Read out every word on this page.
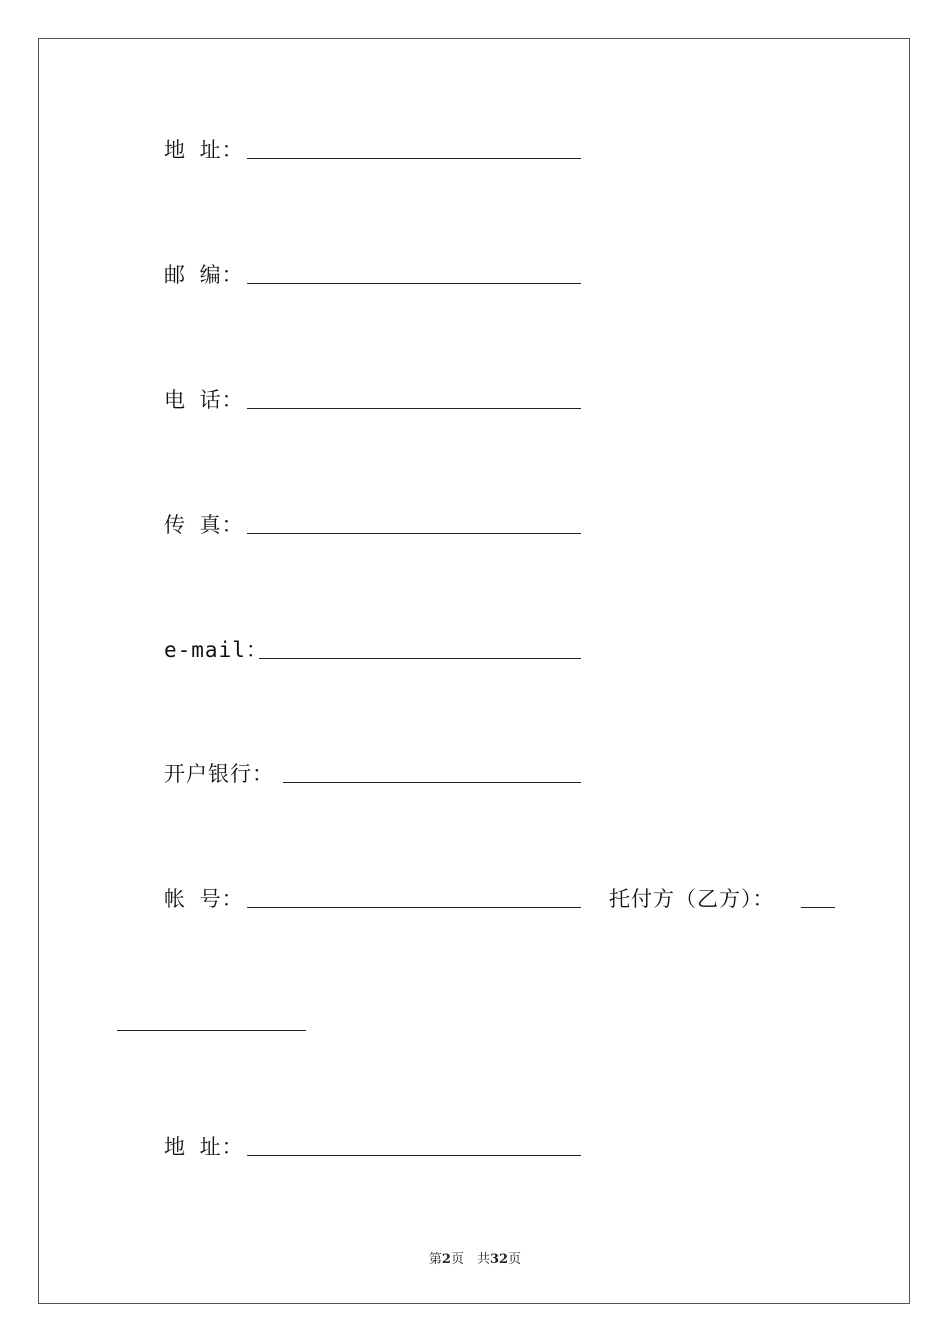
地 址：
邮 编：
电 话：
传 真：
e-mail：
开户银行：
帐 号：	托付方（乙方）：
地 址：
第2页　共32页
